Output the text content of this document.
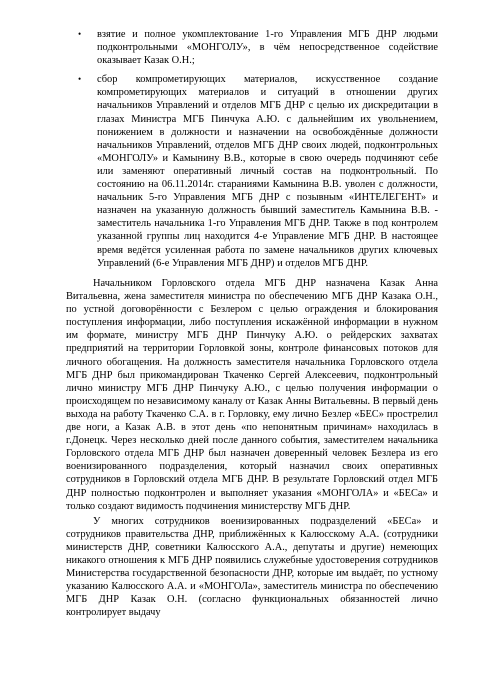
• взятие и полное укомплектование 1-го Управления МГБ ДНР людьми подконтрольными «МОНГОЛУ», в чём непосредственное содействие оказывает Казак О.Н.;
• сбор компрометирующих материалов, искусственное создание компрометирующих материалов и ситуаций в отношении других начальников Управлений и отделов МГБ ДНР с целью их дискредитации в глазах Министра МГБ Пинчука А.Ю. с дальнейшим их увольнением, понижением в должности и назначении на освобождённые должности начальников Управлений, отделов МГБ ДНР своих людей, подконтрольных «МОНГОЛУ» и Камынину В.В., которые в свою очередь подчиняют себе или заменяют оперативный личный состав на подконтрольный. По состоянию на 06.11.2014г. стараниями Камынина В.В. уволен с должности, начальник 5-го Управления МГБ ДНР с позывным «ИНТЕЛЕГЕНТ» и назначен на указанную должность бывший заместитель Камынина В.В. - заместитель начальника 1-го Управления МГБ ДНР. Также в под контролем указанной группы лиц находится 4-е Управление МГБ ДНР. В настоящее время ведётся усиленная работа по замене начальников других ключевых Управлений (6-е Управления МГБ ДНР) и отделов МГБ ДНР.

Начальником Горловского отдела МГБ ДНР назначена Казак Анна Витальевна, жена заместителя министра по обеспечению МГБ ДНР Казака О.Н., по устной договорённости с Безлером с целью ограждения и блокирования поступления информации, либо поступления искажённой информации в нужном им формате, министру МГБ ДНР Пинчуку А.Ю. о рейдерских захватах предприятий на территории Горловкой зоны, контроле финансовых потоков для личного обогащения. На должность заместителя начальника Горловского отдела МГБ ДНР был прикомандирован Ткаченко Сергей Алексеевич, подконтрольный лично министру МГБ ДНР Пинчуку А.Ю., с целью получения информации о происходящем по независимому каналу от Казак Анны Витальевны. В первый день выхода на работу Ткаченко С.А. в г. Горловку, ему лично Безлер «БЕС» прострелил две ноги, а Казак А.В. в этот день «по непонятным причинам» находилась в г.Донецк. Через несколько дней после данного события, заместителем начальника Горловского отдела МГБ ДНР был назначен доверенный человек Безлера из его военизированного подразделения, который назначил своих оперативных сотрудников в Горловский отдела МГБ ДНР. В результате Горловский отдел МГБ ДНР полностью подконтролен и выполняет указания «МОНГОЛА» и «БЕСа» и только создают видимость подчинения министерству МГБ ДНР.

У многих сотрудников военизированных подразделений «БЕСа» и сотрудников правительства ДНР, приближённых к Калюсскому А.А. (сотрудники министерств ДНР, советники Калюсского А.А., депутаты и другие) немеющих никакого отношения к МГБ ДНР появились служебные удостоверения сотрудников Министерства государственной безопасности ДНР, которые им выдаёт, по устному указанию Калюсского А.А. и «МОНГОЛа», заместитель министра по обеспечению МГБ ДНР Казак О.Н. (согласно функциональных обязанностей лично контролирует выдачу
